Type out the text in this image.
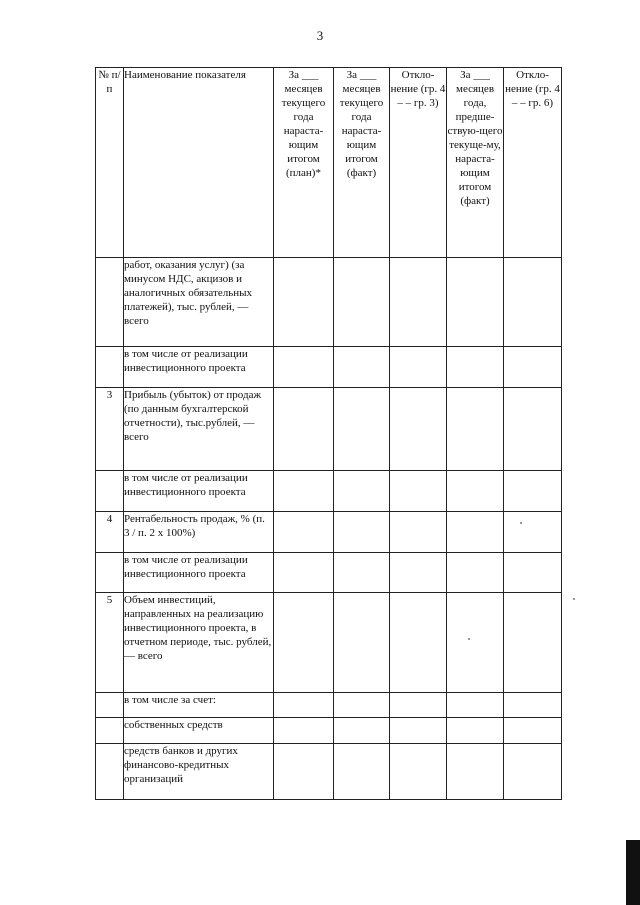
3
№ п/п	Наименование показателя	За ___ месяцев текущего года нараста-ющим итогом (план)*	За ___ месяцев текущего года нараста-ющим итогом (факт)	Откло-нение (гр. 4 – – гр. 3)	За ___ месяцев года, предше-ствую-щего текуще-му, нараста-ющим итогом (факт)	Откло-нение (гр. 4 – – гр. 6)
	работ, оказания услуг) (за минусом НДС, акцизов и аналогичных обязательных платежей), тыс. рублей, — всего					
	в том числе от реализации инвестиционного проекта					
3	Прибыль (убыток) от продаж (по данным бухгалтерской отчетности), тыс.рублей, — всего					
	в том числе от реализации инвестиционного проекта					
4	Рентабельность продаж, % (п. 3 / п. 2 х 100%)					
	в том числе от реализации инвестиционного проекта					
5	Объем инвестиций, направленных на реализацию инвестиционного проекта, в отчетном периоде, тыс. рублей, — всего					
	в том числе за счет:					
	собственных средств					
	средств банков и других финансово-кредитных организаций					
